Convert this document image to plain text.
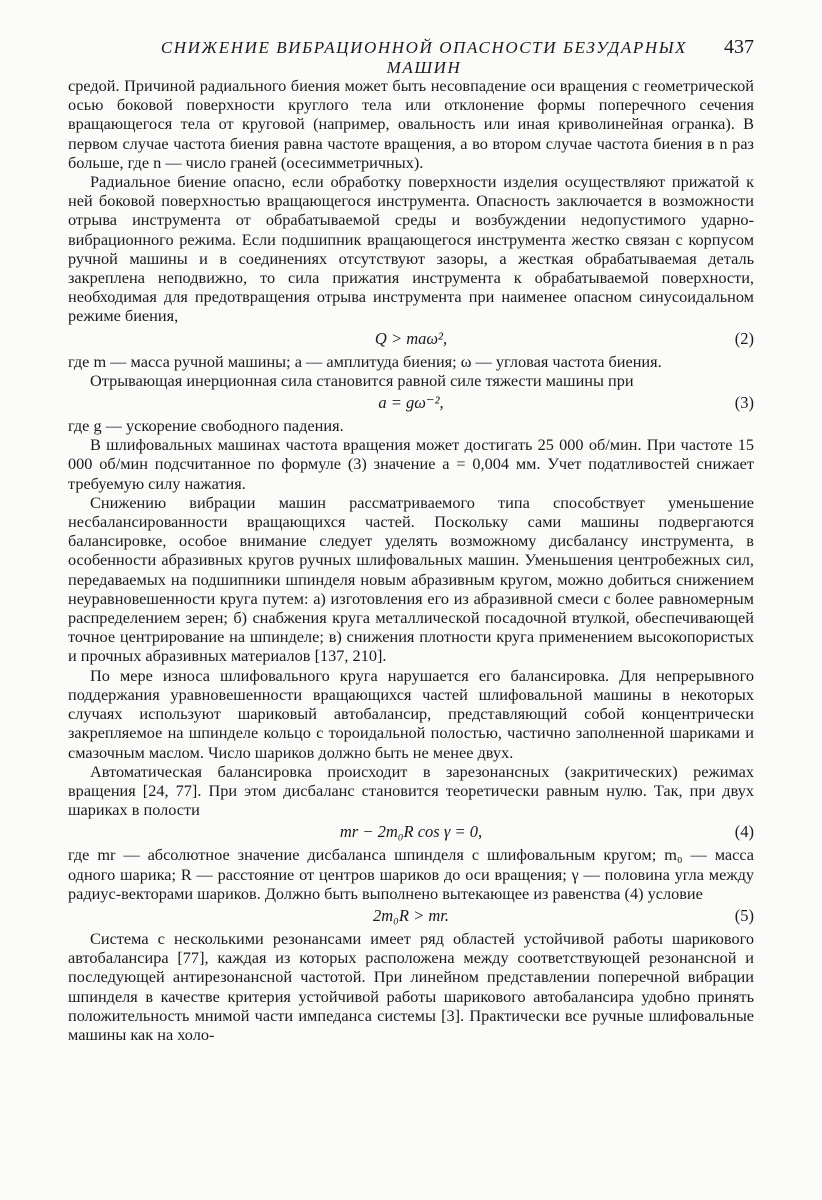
СНИЖЕНИЕ ВИБРАЦИОННОЙ ОПАСНОСТИ БЕЗУДАРНЫХ МАШИН
437

средой. Причиной радиального биения может быть несовпадение оси вращения с геометрической осью боковой поверхности круглого тела или отклонение формы поперечного сечения вращающегося тела от круговой (например, овальность или иная криволинейная огранка). В первом случае частота биения равна частоте вращения, а во втором случае частота биения в n раз больше, где n — число граней (осесимметричных).

Радиальное биение опасно, если обработку поверхности изделия осуществляют прижатой к ней боковой поверхностью вращающегося инструмента. Опасность заключается в возможности отрыва инструмента от обрабатываемой среды и возбуждении недопустимого ударно-вибрационного режима. Если подшипник вращающегося инструмента жестко связан с корпусом ручной машины и в соединениях отсутствуют зазоры, а жесткая обрабатываемая деталь закреплена неподвижно, то сила прижатия инструмента к обрабатываемой поверхности, необходимая для предотвращения отрыва инструмента при наименее опасном синусоидальном режиме биения,

Q > maω²,	(2)

где m — масса ручной машины; a — амплитуда биения; ω — угловая частота биения.

Отрывающая инерционная сила становится равной силе тяжести машины при

a = gω⁻²,	(3)

где g — ускорение свободного падения.

В шлифовальных машинах частота вращения может достигать 25 000 об/мин. При частоте 15 000 об/мин подсчитанное по формуле (3) значение a = 0,004 мм. Учет податливостей снижает требуемую силу нажатия.

Снижению вибрации машин рассматриваемого типа способствует уменьшение несбалансированности вращающихся частей. Поскольку сами машины подвергаются балансировке, особое внимание следует уделять возможному дисбалансу инструмента, в особенности абразивных кругов ручных шлифовальных машин. Уменьшения центробежных сил, передаваемых на подшипники шпинделя новым абразивным кругом, можно добиться снижением неуравновешенности круга путем: а) изготовления его из абразивной смеси с более равномерным распределением зерен; б) снабжения круга металлической посадочной втулкой, обеспечивающей точное центрирование на шпинделе; в) снижения плотности круга применением высокопористых и прочных абразивных материалов [137, 210].

По мере износа шлифовального круга нарушается его балансировка. Для непрерывного поддержания уравновешенности вращающихся частей шлифовальной машины в некоторых случаях используют шариковый автобалансир, представляющий собой концентрически закрепляемое на шпинделе кольцо с тороидальной полостью, частично заполненной шариками и смазочным маслом. Число шариков должно быть не менее двух.

Автоматическая балансировка происходит в зарезонансных (закритических) режимах вращения [24, 77]. При этом дисбаланс становится теоретически равным нулю. Так, при двух шариках в полости

mr − 2m₀R cos γ = 0,	(4)

где mr — абсолютное значение дисбаланса шпинделя с шлифовальным кругом; m₀ — масса одного шарика; R — расстояние от центров шариков до оси вращения; γ — половина угла между радиус-векторами шариков. Должно быть выполнено вытекающее из равенства (4) условие

2m₀R > mr.	(5)

Система с несколькими резонансами имеет ряд областей устойчивой работы шарикового автобалансира [77], каждая из которых расположена между соответствующей резонансной и последующей антирезонансной частотой. При линейном представлении поперечной вибрации шпинделя в качестве критерия устойчивой работы шарикового автобалансира удобно принять положительность мнимой части импеданса системы [3]. Практически все ручные шлифовальные машины как на холо-
